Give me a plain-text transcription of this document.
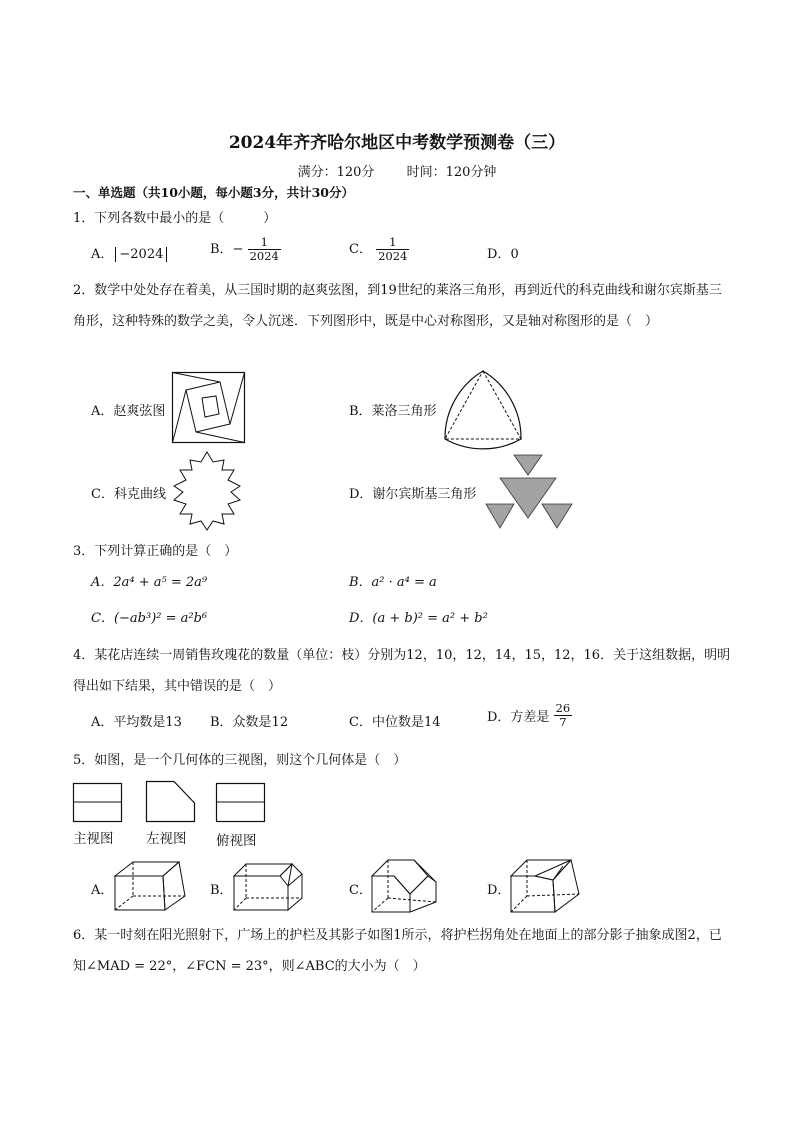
2024年齐齐哈尔地区中考数学预测卷（三）
满分：120分 时间：120分钟
一、单选题（共10小题，每小题3分，共计30分）
1．下列各数中最小的是（　　　）
A． −2024	B．− $\frac{1}{2024}$	C． $\frac{1}{2024}$	D．0
2．数学中处处存在着美，从三国时期的赵爽弦图，到19世纪的莱洛三角形，再到近代的科克曲线和谢尔宾斯基三角形，这种特殊的数学之美，令人沉迷．下列图形中，既是中心对称图形，又是轴对称图形的是（　）
A．赵爽弦图	B．莱洛三角形
C．科克曲线	D．谢尔宾斯基三角形
3．下列计算正确的是（　）
A．2a⁴ + a⁵ = 2a⁹	B．a² · a⁴ = a
C．(−ab³)² = a²b⁶	D．(a + b)² = a² + b²
4．某花店连续一周销售玫瑰花的数量（单位：枝）分别为12，10，12，14，15，12，16．关于这组数据，明明得出如下结果，其中错误的是（　）
A．平均数是13 B．众数是12	C．中位数是14	D．方差是 $\frac{26}{7}$
5．如图，是一个几何体的三视图，则这个几何体是（　）
主视图 左视图 俯视图
A．	B．	C．	D．
6．某一时刻在阳光照射下，广场上的护栏及其影子如图1所示，将护栏拐角处在地面上的部分影子抽象成图2，已知∠MAD = 22°，∠FCN = 23°，则∠ABC的大小为（　）
